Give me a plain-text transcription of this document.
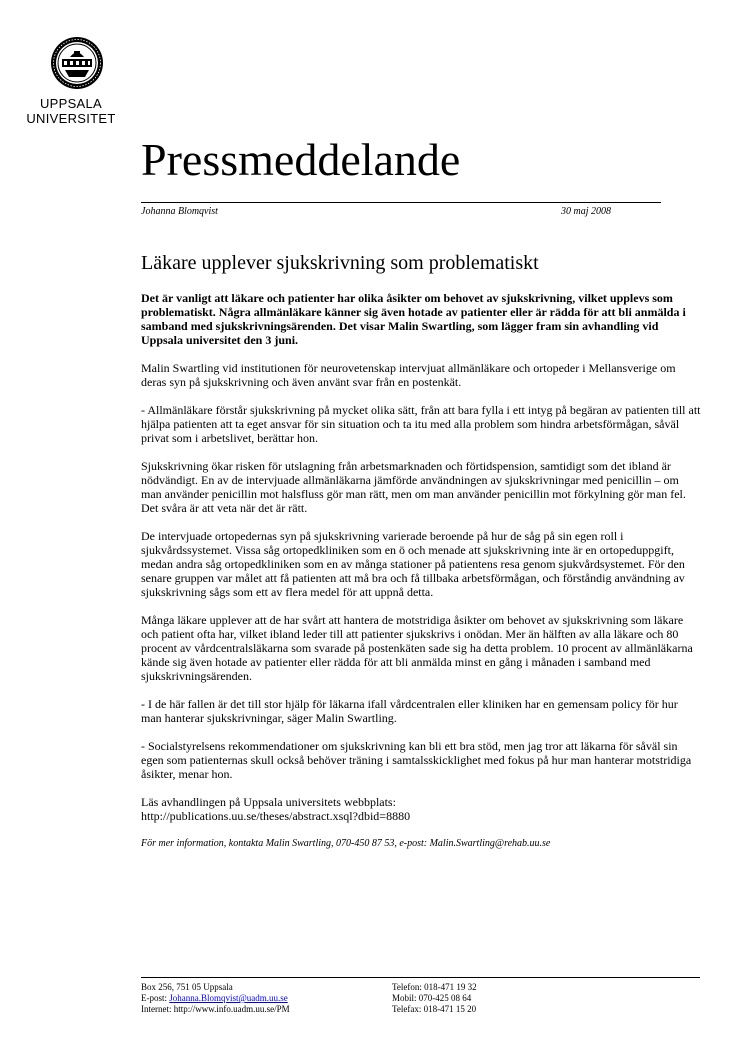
UPPSALA
UNIVERSITET
Pressmeddelande
Johanna Blomqvist	30 maj 2008
Läkare upplever sjukskrivning som problematiskt

Det är vanligt att läkare och patienter har olika åsikter om behovet av sjukskrivning, vilket upplevs som problematiskt. Några allmänläkare känner sig även hotade av patienter eller är rädda för att bli anmälda i samband med sjukskrivningsärenden. Det visar Malin Swartling, som lägger fram sin avhandling vid Uppsala universitet den 3 juni.

Malin Swartling vid institutionen för neurovetenskap intervjuat allmänläkare och ortopeder i Mellansverige om deras syn på sjukskrivning och även använt svar från en postenkät.

- Allmänläkare förstår sjukskrivning på mycket olika sätt, från att bara fylla i ett intyg på begäran av patienten till att hjälpa patienten att ta eget ansvar för sin situation och ta itu med alla problem som hindra arbetsförmågan, såväl privat som i arbetslivet, berättar hon.

Sjukskrivning ökar risken för utslagning från arbetsmarknaden och förtidspension, samtidigt som det ibland är nödvändigt. En av de intervjuade allmänläkarna jämförde användningen av sjukskrivningar med penicillin – om man använder penicillin mot halsfluss gör man rätt, men om man använder penicillin mot förkylning gör man fel. Det svåra är att veta när det är rätt.

De intervjuade ortopedernas syn på sjukskrivning varierade beroende på hur de såg på sin egen roll i sjukvårdssystemet. Vissa såg ortopedkliniken som en ö och menade att sjukskrivning inte är en ortopeduppgift, medan andra såg ortopedkliniken som en av många stationer på patientens resa genom sjukvårdsystemet. För den senare gruppen var målet att få patienten att må bra och få tillbaka arbetsförmågan, och förståndig användning av sjukskrivning sågs som ett av flera medel för att uppnå detta.

Många läkare upplever att de har svårt att hantera de motstridiga åsikter om behovet av sjukskrivning som läkare och patient ofta har, vilket ibland leder till att patienter sjukskrivs i onödan. Mer än hälften av alla läkare och 80 procent av vårdcentralsläkarna som svarade på postenkäten sade sig ha detta problem. 10 procent av allmänläkarna kände sig även hotade av patienter eller rädda för att bli anmälda minst en gång i månaden i samband med sjukskrivningsärenden.

- I de här fallen är det till stor hjälp för läkarna ifall vårdcentralen eller kliniken har en gemensam policy för hur man hanterar sjukskrivningar, säger Malin Swartling.

- Socialstyrelsens rekommendationer om sjukskrivning kan bli ett bra stöd, men jag tror att läkarna för såväl sin egen som patienternas skull också behöver träning i samtalsskicklighet med fokus på hur man hanterar motstridiga åsikter, menar hon.

Läs avhandlingen på Uppsala universitets webbplats:
http://publications.uu.se/theses/abstract.xsql?dbid=8880

För mer information, kontakta Malin Swartling, 070-450 87 53, e-post: Malin.Swartling@rehab.uu.se

Box 256, 751 05 Uppsala
E-post: Johanna.Blomqvist@uadm.uu.se
Internet: http://www.info.uadm.uu.se/PM
Telefon: 018-471 19 32
Mobil: 070-425 08 64
Telefax: 018-471 15 20
